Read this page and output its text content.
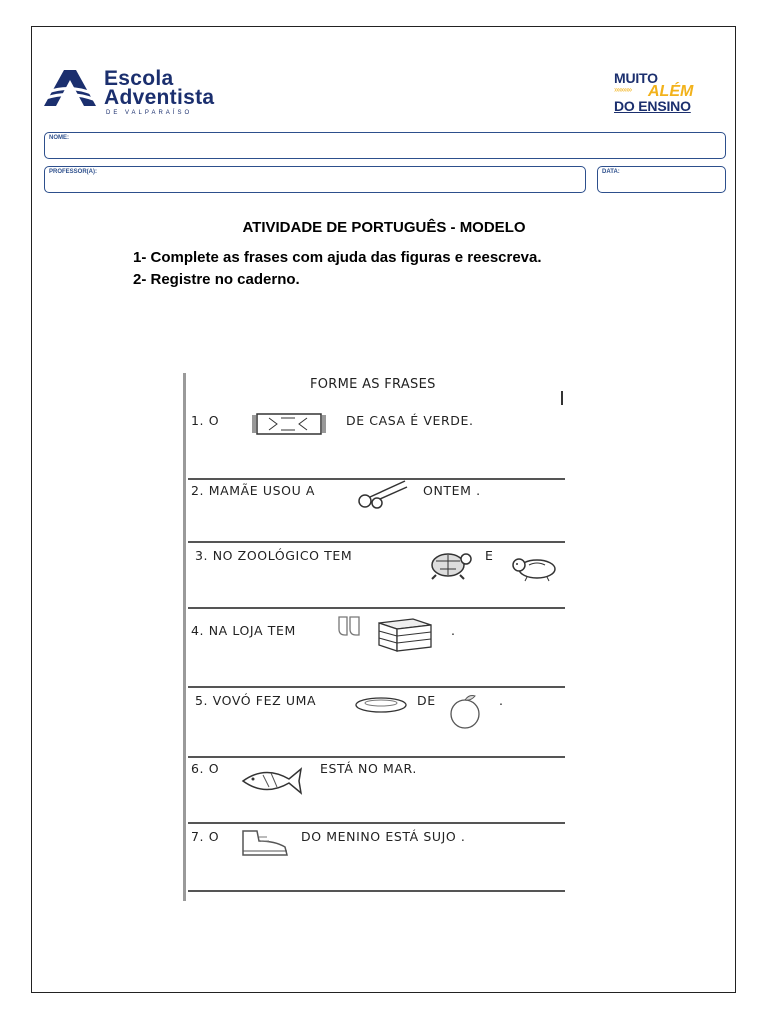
Escola
Adventista
DE VALPARAÍSO
MUITO
»»»»» ALÉM
DO ENSINO
NOME:
PROFESSOR(A):	DATA:
ATIVIDADE DE PORTUGUÊS - MODELO
1- Complete as frases com ajuda das figuras e reescreva.
2- Registre no caderno.
FORME AS FRASES
1. O	DE CASA É VERDE.
2. MAMÃE USOU A	ONTEM .
3. NO ZOOLÓGICO TEM	E
4. NA LOJA TEM	.
5. VOVÓ FEZ UMA	DE	.
6. O	ESTÁ NO MAR.
7. O	DO MENINO ESTÁ SUJO .
